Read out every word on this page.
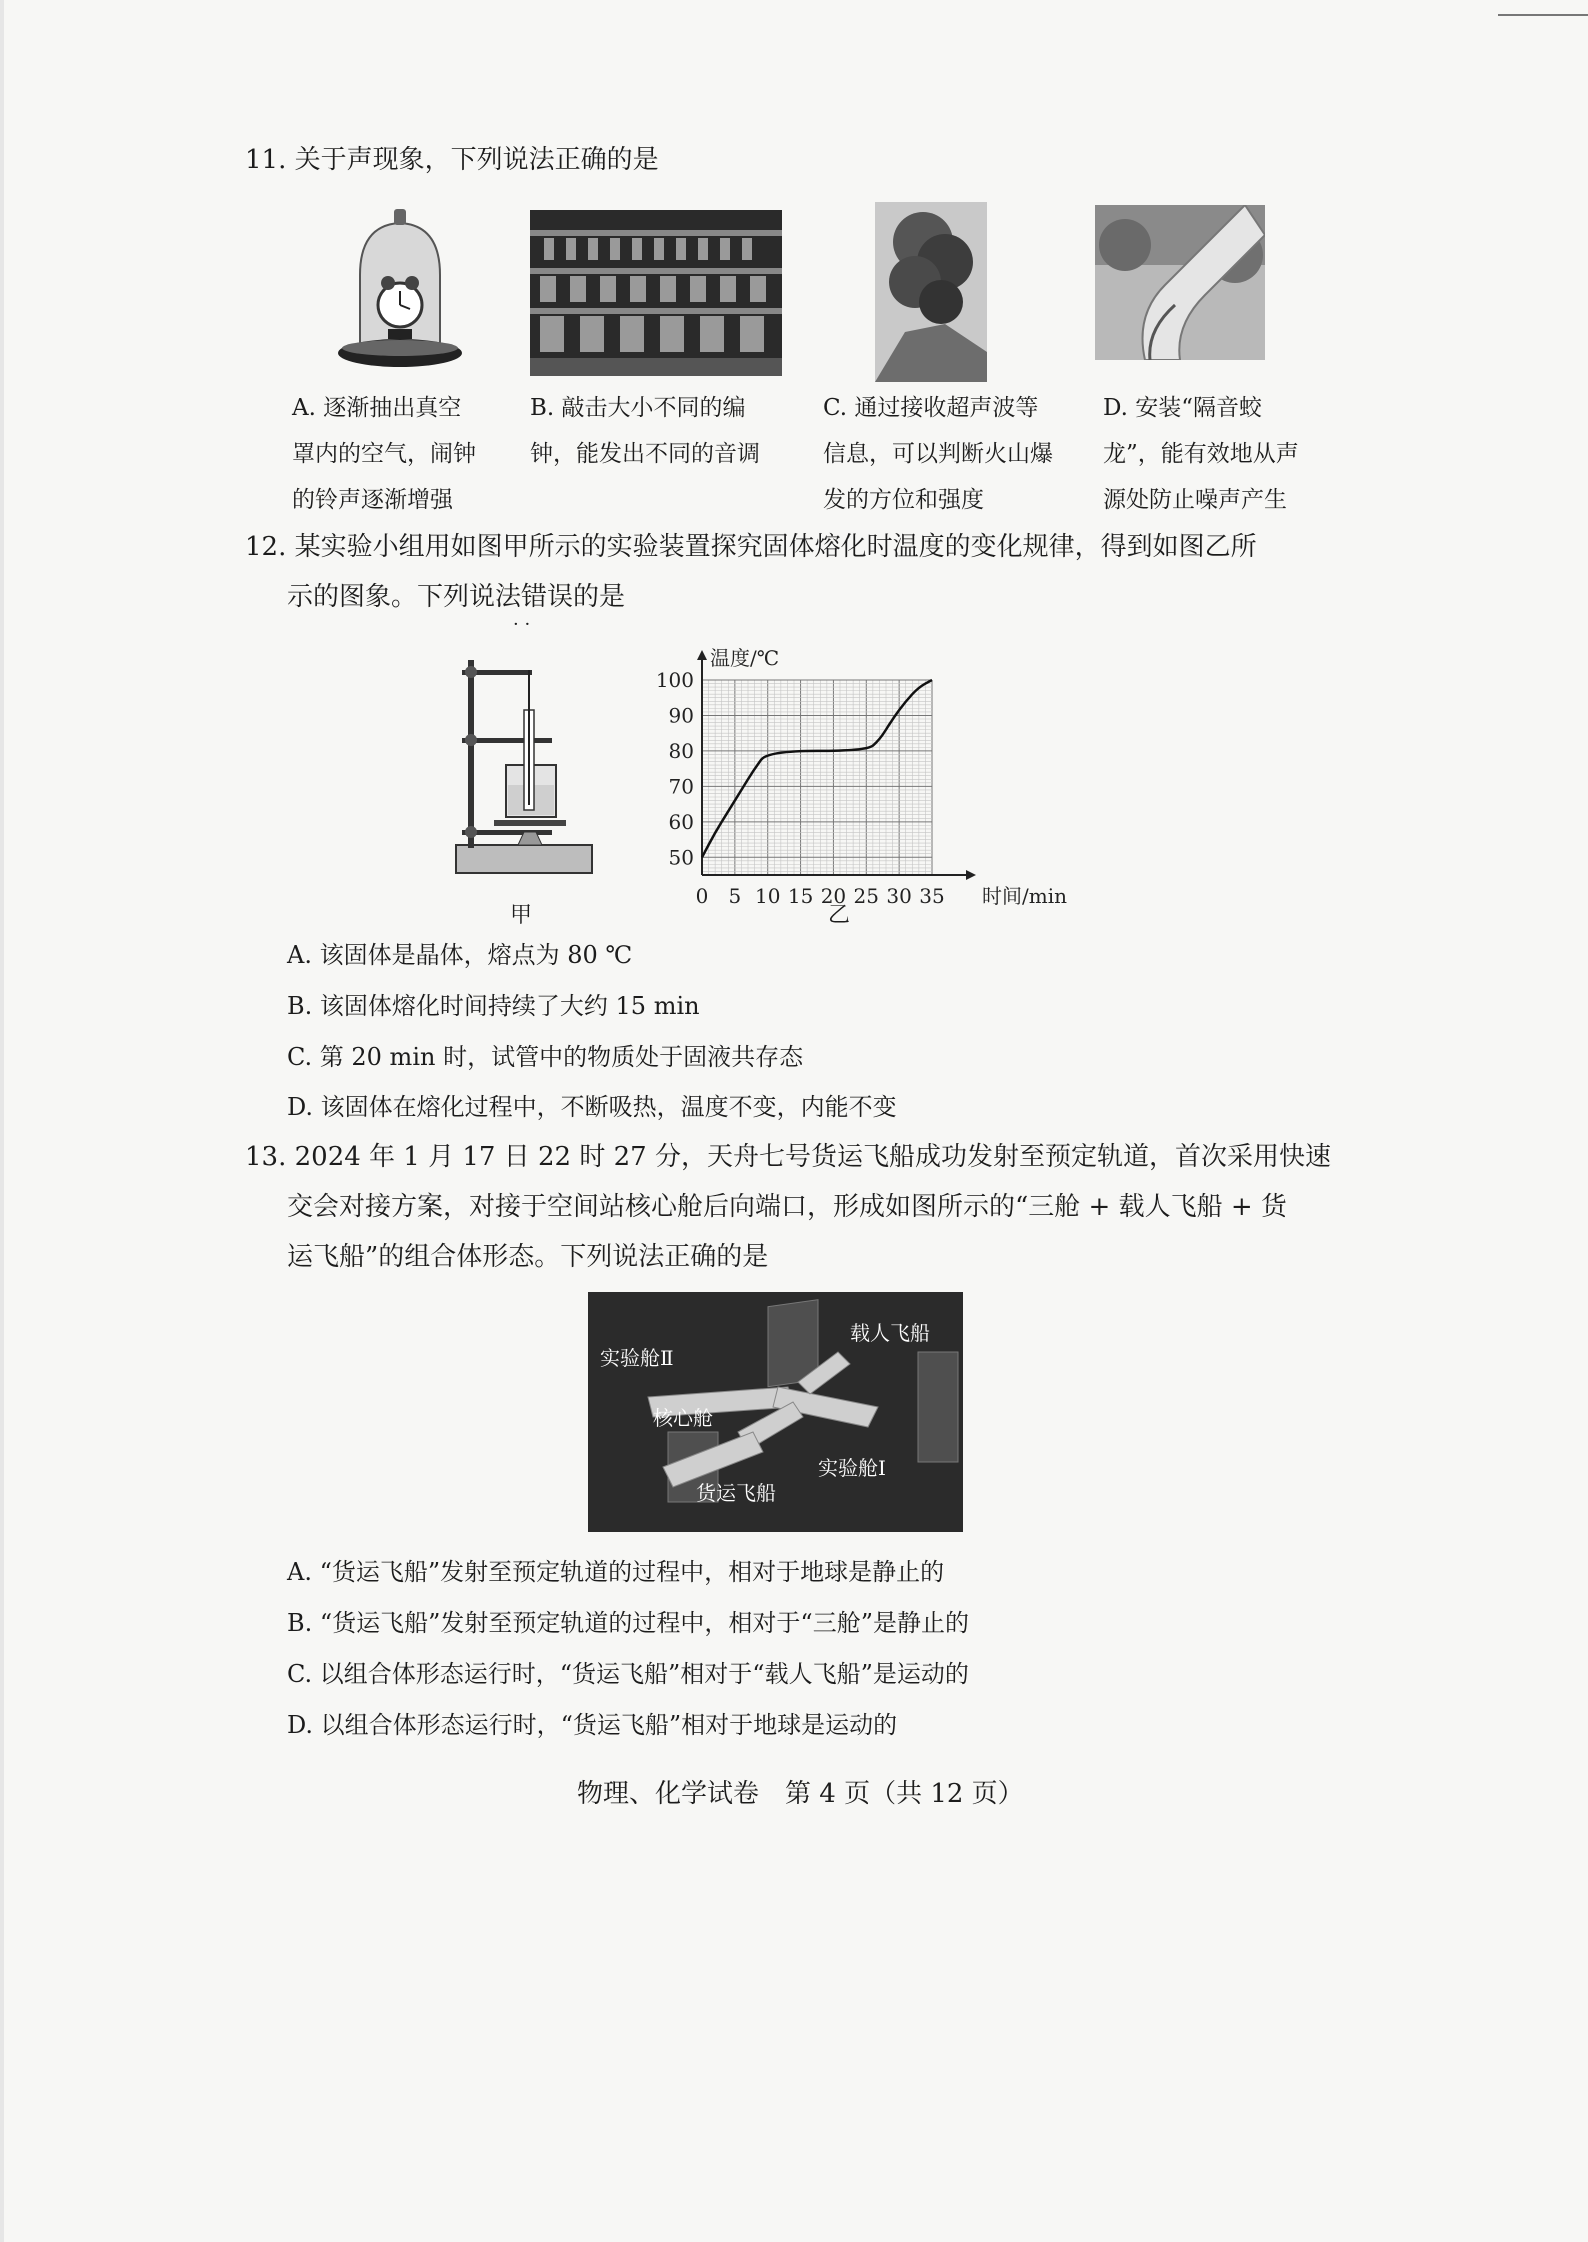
11. 关于声现象，下列说法正确的是
A. 逐渐抽出真空
罩内的空气，闹钟
的铃声逐渐增强
B. 敲击大小不同的编
钟，能发出不同的音调
C. 通过接收超声波等
信息，可以判断火山爆
发的方位和强度
D. 安装“隔音蛟
龙”，能有效地从声
源处防止噪声产生
12. 某实验小组用如图甲所示的实验装置探究固体熔化时温度的变化规律，得到如图乙所
示的图象。下列说法错误的是
· ·
甲
0 5 10 15 20 25 30 35
50
60
70
80
90
100
时间/min
温度/℃
乙
A. 该固体是晶体，熔点为 80 ℃
B. 该固体熔化时间持续了大约 15 min
C. 第 20 min 时，试管中的物质处于固液共存态
D. 该固体在熔化过程中，不断吸热，温度不变，内能不变
13. 2024 年 1 月 17 日 22 时 27 分，天舟七号货运飞船成功发射至预定轨道，首次采用快速
交会对接方案，对接于空间站核心舱后向端口，形成如图所示的“三舱 + 载人飞船 + 货
运飞船”的组合体形态。下列说法正确的是
实验舱Ⅱ
载人飞船
核心舱
实验舱Ⅰ
货运飞船
A. “货运飞船”发射至预定轨道的过程中，相对于地球是静止的
B. “货运飞船”发射至预定轨道的过程中，相对于“三舱”是静止的
C. 以组合体形态运行时，“货运飞船”相对于“载人飞船”是运动的
D. 以组合体形态运行时，“货运飞船”相对于地球是运动的
物理、化学试卷　第 4 页（共 12 页）
